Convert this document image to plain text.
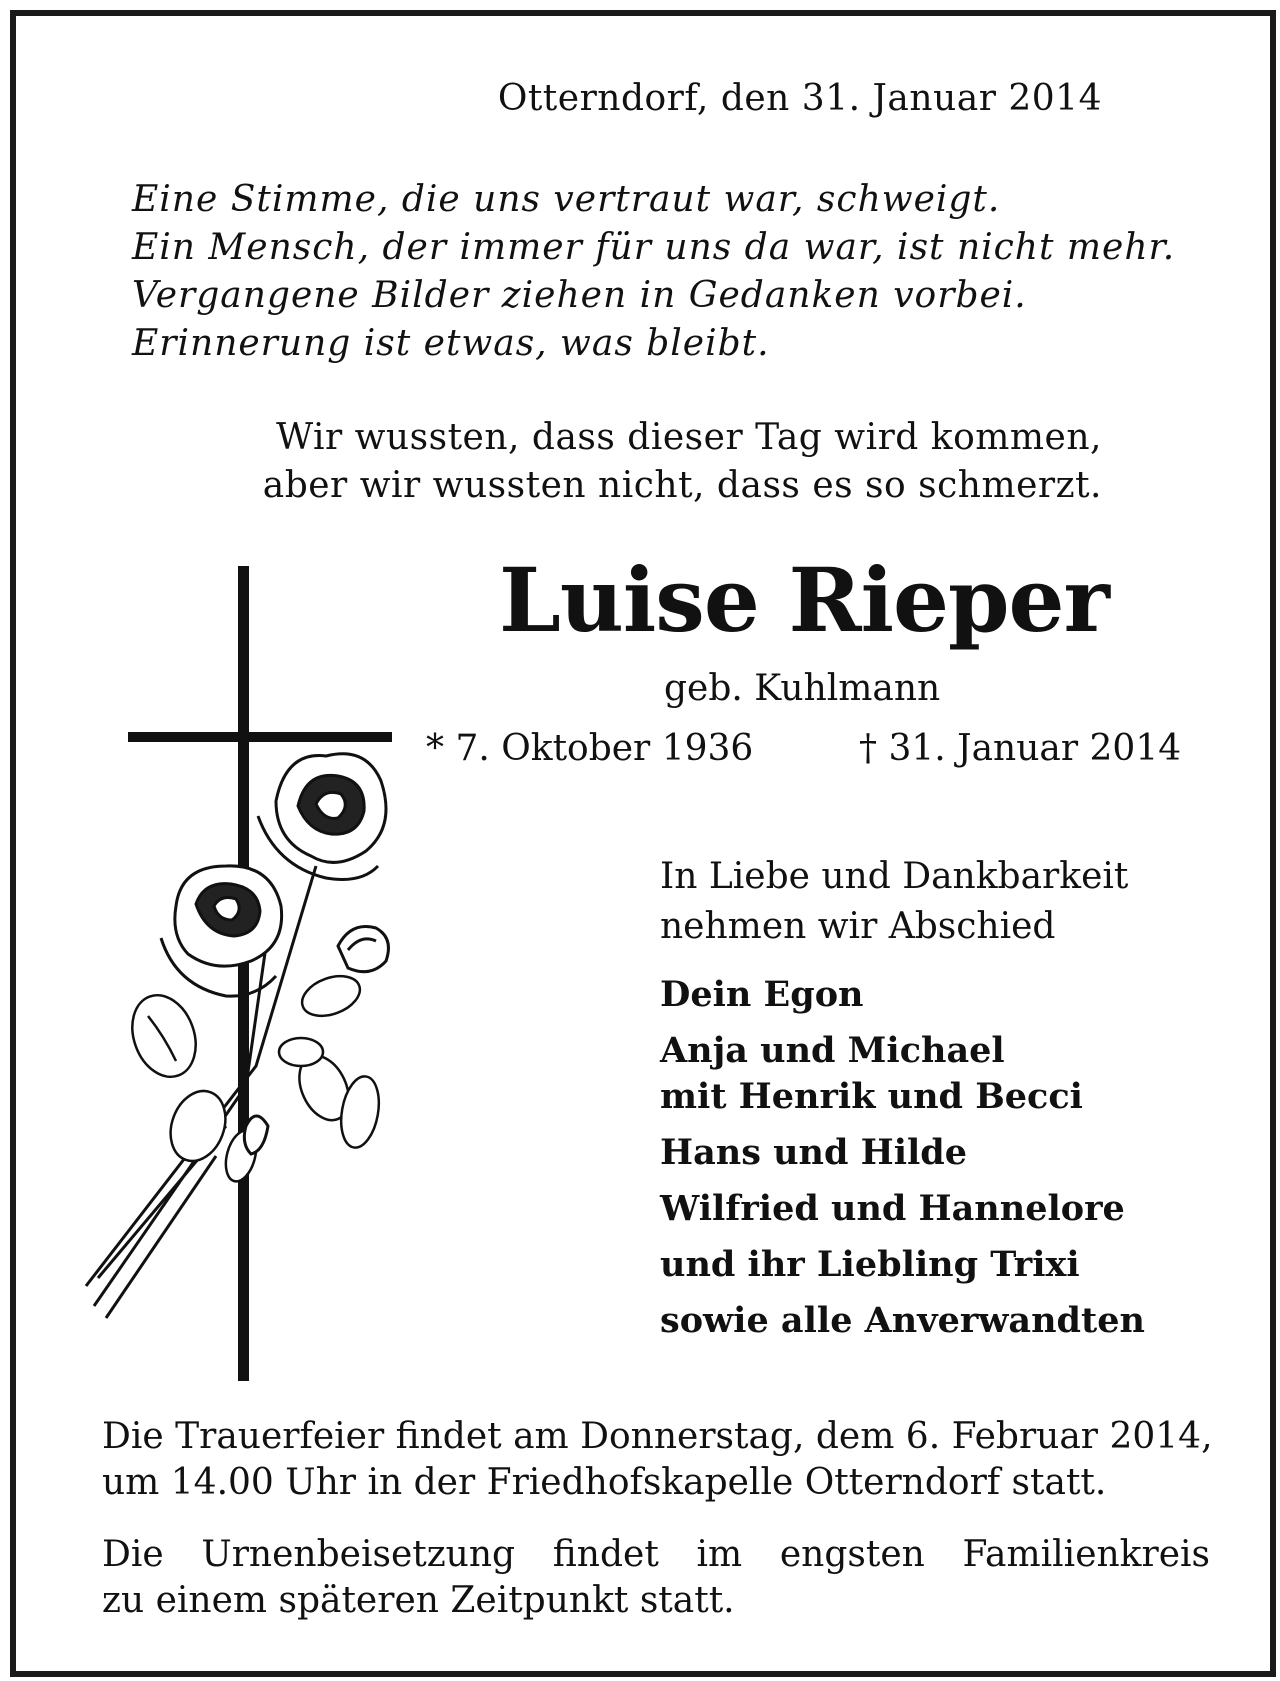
Otterndorf, den 31. Januar 2014
Eine Stimme, die uns vertraut war, schweigt.
Ein Mensch, der immer für uns da war, ist nicht mehr.
Vergangene Bilder ziehen in Gedanken vorbei.
Erinnerung ist etwas, was bleibt.
Wir wussten, dass dieser Tag wird kommen,
aber wir wussten nicht, dass es so schmerzt.
Luise Rieper
geb. Kuhlmann
* 7. Oktober 1936	† 31. Januar 2014
In Liebe und Dankbarkeit
nehmen wir Abschied
Dein Egon
Anja und Michael
mit Henrik und Becci
Hans und Hilde
Wilfried und Hannelore
und ihr Liebling Trixi
sowie alle Anverwandten
Die Trauerfeier findet am Donnerstag, dem 6. Februar 2014,
um 14.00 Uhr in der Friedhofskapelle Otterndorf statt.
Die Urnenbeisetzung findet im engsten Familienkreis
zu einem späteren Zeitpunkt statt.
